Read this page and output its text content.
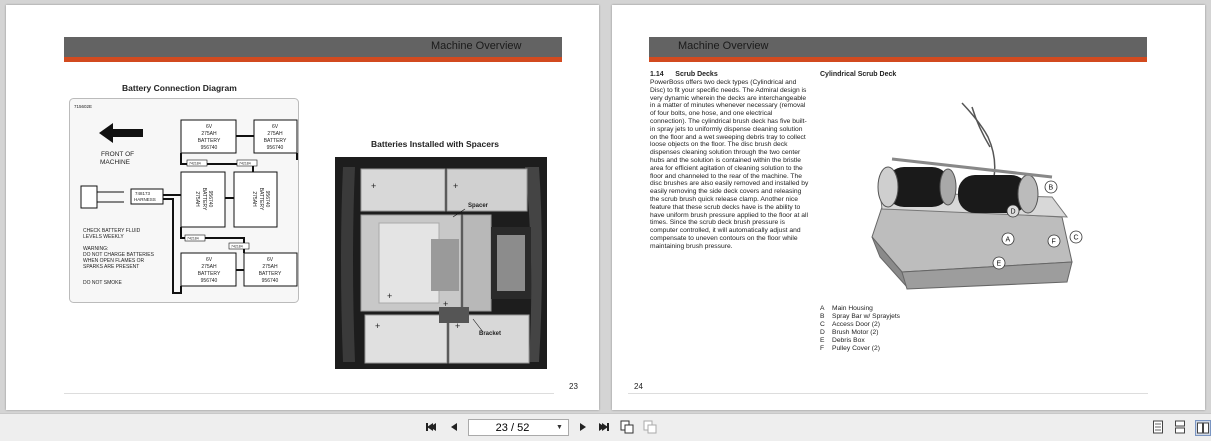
Machine Overview
Battery Connection Diagram
715602E
FRONT OF
MACHINE
748173
HARNESS
6V
275AH
BATTERY
956740
6V
275AH
BATTERY
956740
6V
275AH
BATTERY
956740
6V
275AH
BATTERY
956740
BATTERY
275AH 956740	275AH BATTERY 956740
742184	742184
742184
742184
CHECK BATTERY FLUID
LEVELS WEEKLY
WARNING:
DO NOT CHARGE BATTERIES
WHEN OPEN FLAMES OR
SPARKS ARE PRESENT
DO NOT SMOKE
Batteries Installed with Spacers
+	+
+	+
+
+
Spacer
Bracket
23
Machine Overview
1.14 Scrub Decks
PowerBoss offers two deck types (Cylindrical and Disc) to fit your specific needs. The Admiral design is very dynamic wherein the decks are interchangeable in a matter of minutes whenever necessary (removal of four bolts, one hose, and one electrical connection). The cylindrical brush deck has five built-in spray jets to uniformly dispense cleaning solution on the floor and a wet sweeping debris tray to collect loose objects on the floor. The disc brush deck dispenses cleaning solution through the two center hubs and the solution is contained within the bristle area for efficient agitation of cleaning solution to the floor and channeled to the rear of the machine. The disc brushes are also easily removed and installed by easily removing the side deck covers and releasing the scrub brush quick release clamp. Another nice feature that these scrub decks have is the ability to have uniform brush pressure applied to the floor at all times. Since the scrub deck brush pressure is computer controlled, it will automatically adjust and compensate to uneven contours on the floor while maintaining brush pressure.
Cylindrical Scrub Deck
B
D
A	F
C
E
A	Main Housing
B	Spray Bar w/ Sprayjets
C	Access Door (2)
D	Brush Motor (2)
E	Debris Box
F	Pulley Cover (2)
24
23 / 52	▼
